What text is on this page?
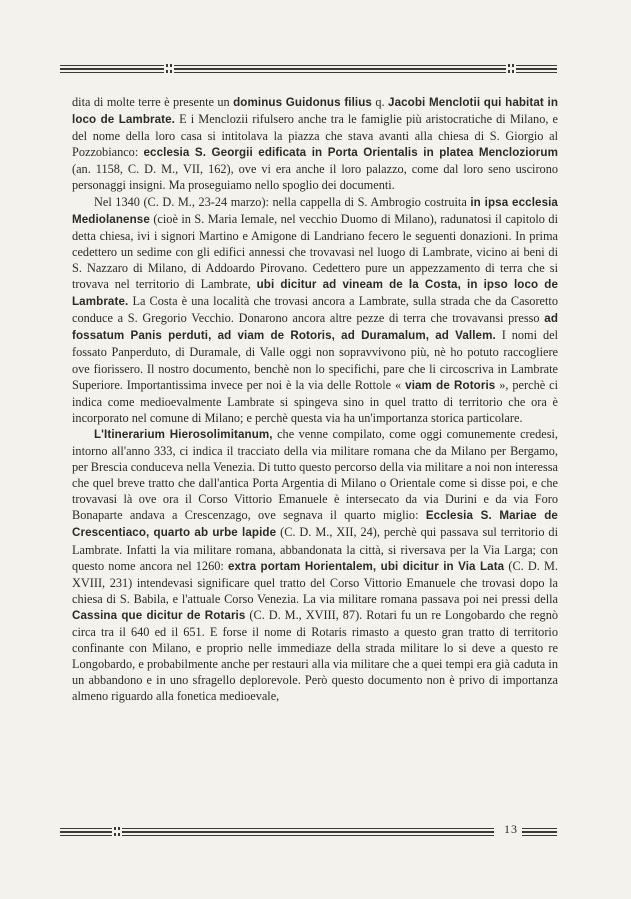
dita di molte terre è presente un dominus Guidonus filius q. Jacobi Menclotii qui habitat in loco de Lambrate. E i Menclozii rifulsero anche tra le famiglie più aristocratiche di Milano, e del nome della loro casa si intitolava la piazza che stava avanti alla chiesa di S. Giorgio al Pozzobianco: ecclesia S. Georgii edificata in Porta Orientalis in platea Mencloziorum (an. 1158, C. D. M., VII, 162), ove vi era anche il loro palazzo, come dal loro seno uscirono personaggi insigni. Ma proseguiamo nello spoglio dei documenti.

Nel 1340 (C. D. M., 23-24 marzo): nella cappella di S. Ambrogio costruita in ipsa ecclesia Mediolanense (cioè in S. Maria Iemale, nel vecchio Duomo di Milano), radunatosi il capitolo di detta chiesa, ivi i signori Martino e Amigone di Landriano fecero le seguenti donazioni. In prima cedettero un sedime con gli edifici annessi che trovavasi nel luogo di Lambrate, vicino ai beni di S. Nazzaro di Milano, di Addoardo Pirovano. Cedettero pure un appezzamento di terra che si trovava nel territorio di Lambrate, ubi dicitur ad vineam de la Costa, in ipso loco de Lambrate. La Costa è una località che trovasi ancora a Lambrate, sulla strada che da Casoretto conduce a S. Gregorio Vecchio. Donarono ancora altre pezze di terra che trovavansi presso ad fossatum Panis perduti, ad viam de Rotoris, ad Duramalum, ad Vallem. I nomi del fossato Panperduto, di Duramale, di Valle oggi non sopravvivono più, nè ho potuto raccogliere ove fiorissero. Il nostro documento, benchè non lo specifichi, pare che li circoscriva in Lambrate Superiore. Importantissima invece per noi è la via delle Rottole « viam de Rotoris », perchè ci indica come medioevalmente Lambrate si spingeva sino in quel tratto di territorio che ora è incorporato nel comune di Milano; e perchè questa via ha un'importanza storica particolare.

L'Itinerarium Hierosolimitanum, che venne compilato, come oggi comunemente credesi, intorno all'anno 333, ci indica il tracciato della via militare romana che da Milano per Bergamo, per Brescia conduceva nella Venezia. Di tutto questo percorso della via militare a noi non interessa che quel breve tratto che dall'antica Porta Argentia di Milano o Orientale come si disse poi, e che trovavasi là ove ora il Corso Vittorio Emanuele è intersecato da via Durini e da via Foro Bonaparte andava a Crescenzago, ove segnava il quarto miglio: Ecclesia S. Mariae de Crescentiaco, quarto ab urbe lapide (C. D. M., XII, 24), perchè qui passava sul territorio di Lambrate. Infatti la via militare romana, abbandonata la città, si riversava per la Via Larga; con questo nome ancora nel 1260: extra portam Horientalem, ubi dicitur in Via Lata (C. D. M. XVIII, 231) intendevasi significare quel tratto del Corso Vittorio Emanuele che trovasi dopo la chiesa di S. Babila, e l'attuale Corso Venezia. La via militare romana passava poi nei pressi della Cassina que dicitur de Rotaris (C. D. M., XVIII, 87). Rotari fu un re Longobardo che regnò circa tra il 640 ed il 651. E forse il nome di Rotaris rimasto a questo gran tratto di territorio confinante con Milano, e proprio nelle immediaze della strada militare lo si deve a questo re Longobardo, e probabilmente anche per restauri alla via militare che a quei tempi era già caduta in un abbandono e in uno sfragello deplorevole. Però questo documento non è privo di importanza almeno riguardo alla fonetica medioevale,

13
